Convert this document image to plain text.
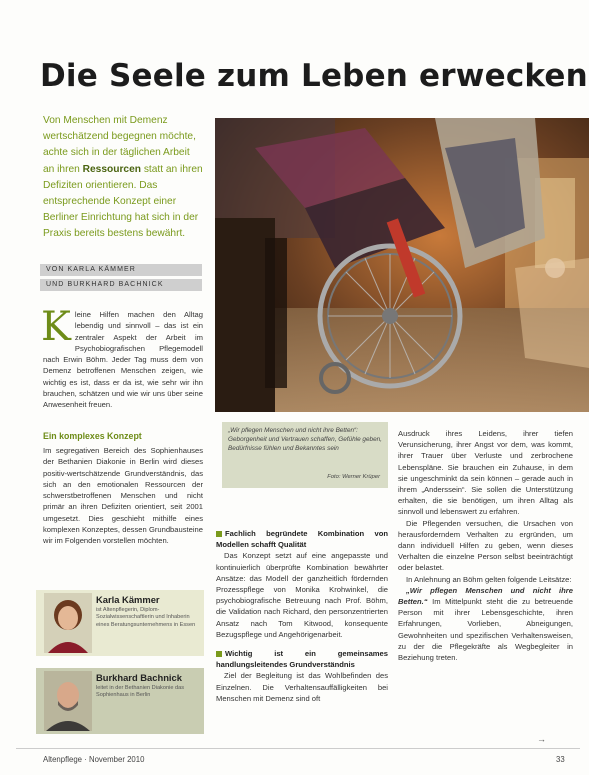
Die Seele zum Leben erwecken
Von Menschen mit Demenz wertschätzend begegnen möchte, achte sich in der täglichen Arbeit an ihren Ressourcen statt an ihren Defiziten orientieren. Das entsprechende Konzept einer Berliner Einrichtung hat sich in der Praxis bereits bestens bewährt.
VON KARLA KÄMMER
UND BURKHARD BACHNICK
Kleine Hilfen machen den Alltag lebendig und sinnvoll – das ist ein zentraler Aspekt der Arbeit im Psychobiografischen Pflegemodell nach Erwin Böhm. Jeder Tag muss dem von Demenz betroffenen Menschen zeigen, wie wichtig es ist, dass er da ist, wie sehr wir ihn brauchen, schätzen und wie wir uns über seine Anwesenheit freuen.
Ein komplexes Konzept
Im segregativen Bereich des Sophienhauses der Bethanien Diakonie in Berlin wird dieses positiv-wertschätzende Grundverständnis, das sich an den emotionalen Ressourcen der schwerstbetroffenen Menschen und nicht primär an ihren Defiziten orientiert, seit 2001 umgesetzt. Dies geschieht mithilfe eines komplexen Konzeptes, dessen Grundbausteine wir im Folgenden vorstellen möchten.
„Wir pflegen Menschen und nicht ihre Betten“: Geborgenheit und Vertrauen schaffen, Gefühle geben, Bedürfnisse fühlen und Bekanntes sein
Foto: Werner Krüper
Fachlich begründete Kombination von Modellen schafft Qualität
Das Konzept setzt auf eine angepasste und kontinuierlich überprüfte Kombination bewährter Ansätze: das Modell der ganzheitlich fördernden Prozesspflege von Monika Krohwinkel, die psychobiografische Betreuung nach Prof. Böhm, die Validation nach Richard, den personzentrierten Ansatz nach Tom Kitwood, konsequente Bezugspflege und Angehörigenarbeit.
Wichtig ist ein gemeinsames handlungsleitendes Grundverständnis
Ziel der Begleitung ist das Wohlbefinden des Einzelnen. Die Verhaltensauffälligkeiten bei Menschen mit Demenz sind oft

Ausdruck ihres Leidens, ihrer tiefen Verunsicherung, ihrer Angst vor dem, was kommt, ihrer Trauer über Verluste und zerbrochene Lebenspläne. Sie brauchen ein Zuhause, in dem sie ungeschminkt da sein können – gerade auch in ihrem „Anderssein“. Sie sollen die Unterstützung erhalten, die sie benötigen, um ihren Alltag als sinnvoll und lebenswert zu erfahren.

Die Pflegenden versuchen, die Ursachen von herausforderndem Verhalten zu ergründen, um dann individuell Hilfen zu geben, wenn dieses Verhalten die einzelne Person selbst beeinträchtigt oder belastet.

In Anlehnung an Böhm gelten folgende Leitsätze:

„Wir pflegen Menschen und nicht ihre Betten.“ Im Mittelpunkt steht die zu betreuende Person mit ihrer Lebensgeschichte, ihren Erfahrungen, Vorlieben, Abneigungen, Gewohnheiten und spezifischen Verhaltensweisen, zu der die Pflegekräfte als Wegbegleiter in Beziehung treten.

Karla Kämmer
ist Altenpflegerin, Diplom-Sozialwissenschaftlerin und Inhaberin eines Beratungsunternehmens in Essen
Burkhard Bachnick
leitet in der Bethanien Diakonie das Sophienhaus in Berlin
→
Altenpflege · November 2010	33
